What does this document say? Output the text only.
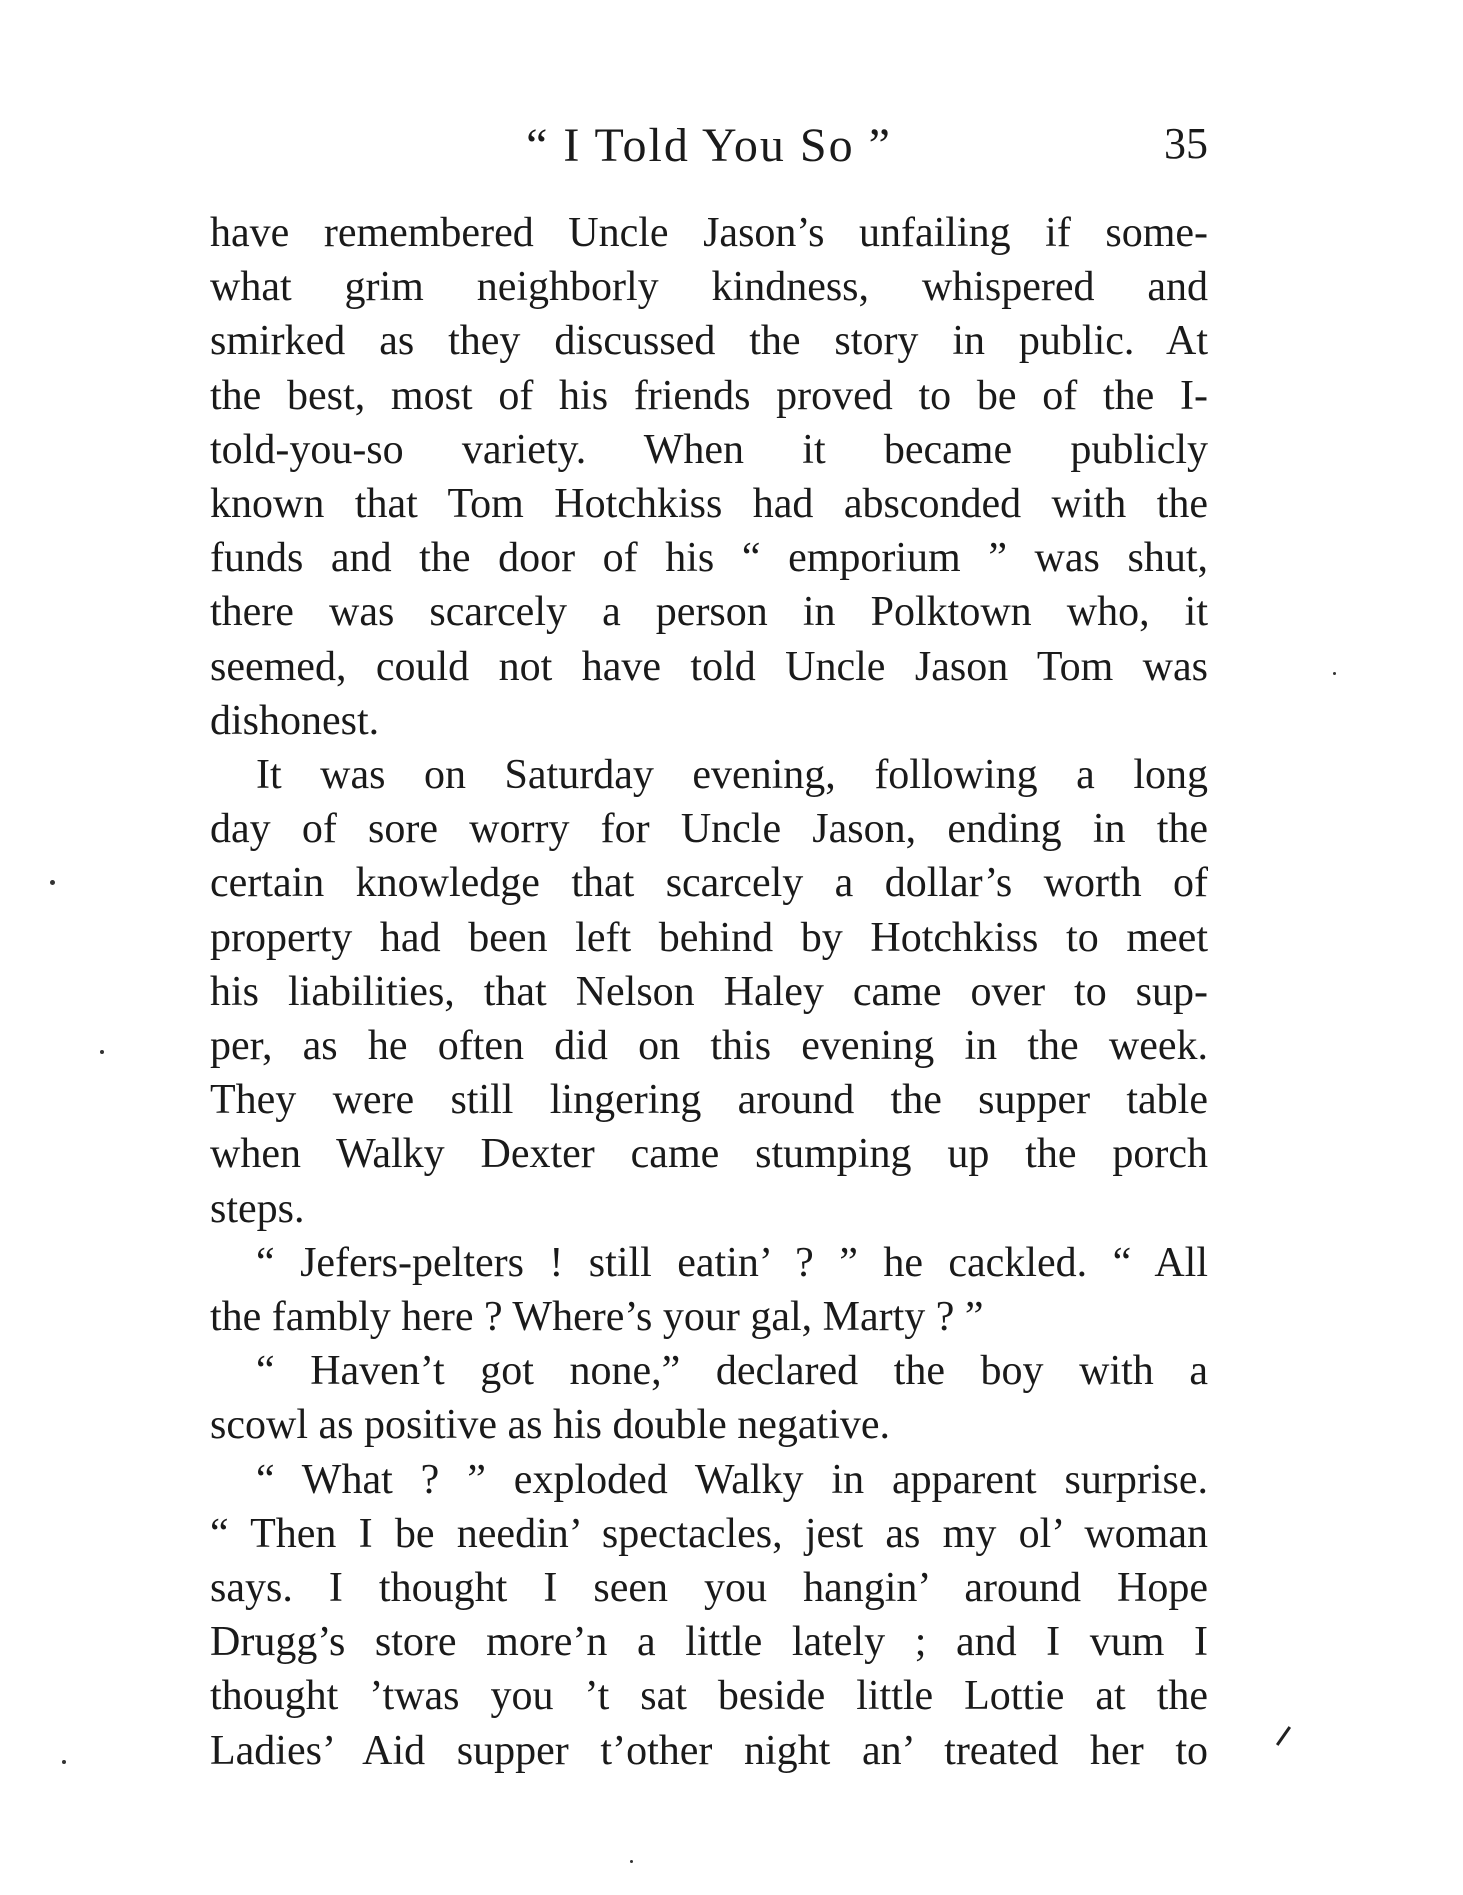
“ I Told You So ”	35

have remembered Uncle Jason’s unfailing if some-
what grim neighborly kindness, whispered and
smirked as they discussed the story in public. At
the best, most of his friends proved to be of the I-
told-you-so variety. When it became publicly
known that Tom Hotchkiss had absconded with the
funds and the door of his “ emporium ” was shut,
there was scarcely a person in Polktown who, it
seemed, could not have told Uncle Jason Tom was
dishonest.

It was on Saturday evening, following a long
day of sore worry for Uncle Jason, ending in the
certain knowledge that scarcely a dollar’s worth of
property had been left behind by Hotchkiss to meet
his liabilities, that Nelson Haley came over to sup-
per, as he often did on this evening in the week.
They were still lingering around the supper table
when Walky Dexter came stumping up the porch
steps.

“ Jefers-pelters ! still eatin’ ? ” he cackled. “ All
the fambly here ? Where’s your gal, Marty ? ”

“ Haven’t got none,” declared the boy with a
scowl as positive as his double negative.

“ What ? ” exploded Walky in apparent surprise.
“ Then I be needin’ spectacles, jest as my ol’ woman
says. I thought I seen you hangin’ around Hope
Drugg’s store more’n a little lately ; and I vum I
thought ’twas you ’t sat beside little Lottie at the
Ladies’ Aid supper t’other night an’ treated her to
